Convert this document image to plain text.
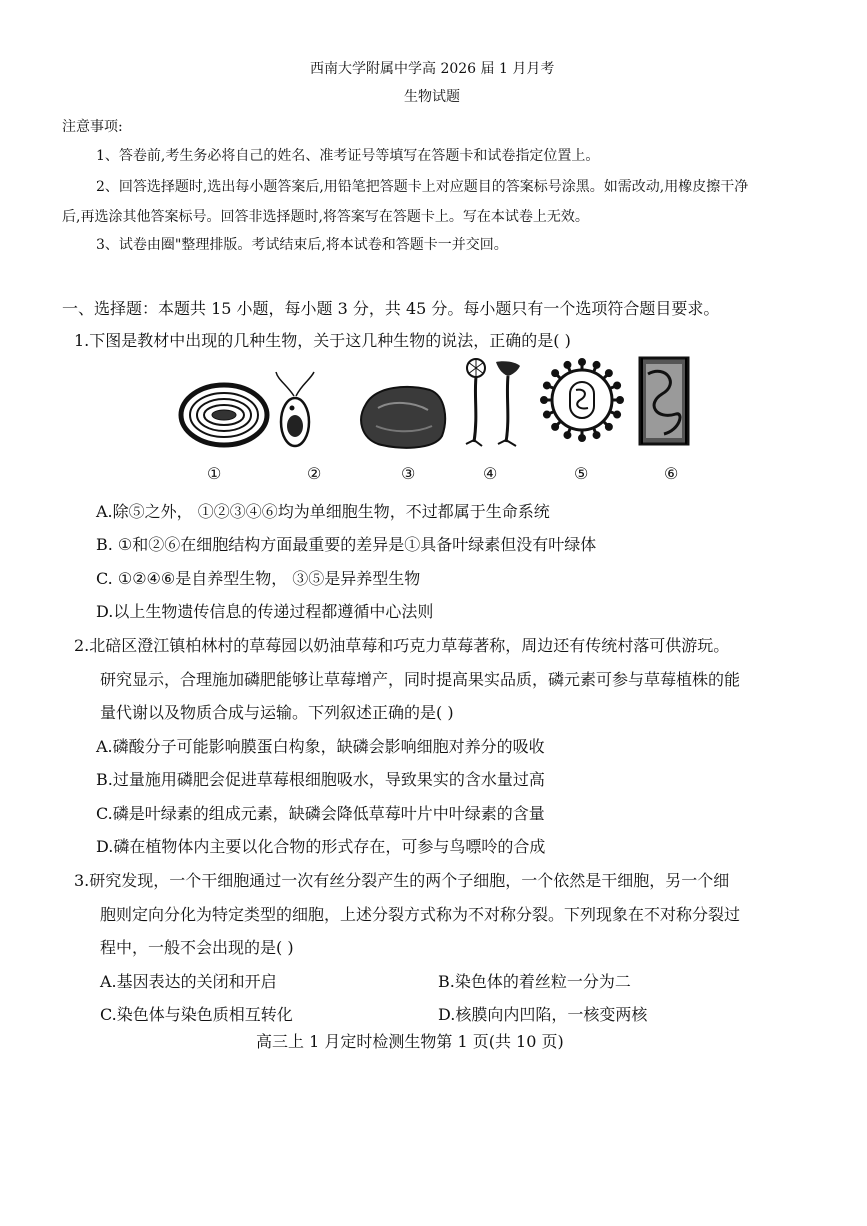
西南大学附属中学高 2026 届 1 月月考
生物试题
注意事项:
1、答卷前,考生务必将自己的姓名、准考证号等填写在答题卡和试卷指定位置上。
2、回答选择题时,选出每小题答案后,用铅笔把答题卡上对应题目的答案标号涂黑。如需改动,用橡皮擦干净
后,再选涂其他答案标号。回答非选择题时,将答案写在答题卡上。写在本试卷上无效。
3、试卷由圈"整理排版。考试结束后,将本试卷和答题卡一并交回。
一、选择题：本题共 15 小题，每小题 3 分，共 45 分。每小题只有一个选项符合题目要求。
1.下图是教材中出现的几种生物，关于这几种生物的说法，正确的是( )
①	②	③	④	⑤	⑥
A.除⑤之外， ①②③④⑥均为单细胞生物，不过都属于生命系统
B. ①和②⑥在细胞结构方面最重要的差异是①具备叶绿素但没有叶绿体
C. ①②④⑥是自养型生物， ③⑤是异养型生物
D.以上生物遗传信息的传递过程都遵循中心法则
2.北碚区澄江镇柏林村的草莓园以奶油草莓和巧克力草莓著称，周边还有传统村落可供游玩。
研究显示，合理施加磷肥能够让草莓增产，同时提高果实品质，磷元素可参与草莓植株的能
量代谢以及物质合成与运输。下列叙述正确的是( )
A.磷酸分子可能影响膜蛋白构象，缺磷会影响细胞对养分的吸收
B.过量施用磷肥会促进草莓根细胞吸水，导致果实的含水量过高
C.磷是叶绿素的组成元素，缺磷会降低草莓叶片中叶绿素的含量
D.磷在植物体内主要以化合物的形式存在，可参与鸟嘌呤的合成
3.研究发现，一个干细胞通过一次有丝分裂产生的两个子细胞，一个依然是干细胞，另一个细
胞则定向分化为特定类型的细胞，上述分裂方式称为不对称分裂。下列现象在不对称分裂过
程中，一般不会出现的是( )
A.基因表达的关闭和开启	B.染色体的着丝粒一分为二
C.染色体与染色质相互转化	D.核膜向内凹陷，一核变两核
高三上 1 月定时检测生物第 1 页(共 10 页)
